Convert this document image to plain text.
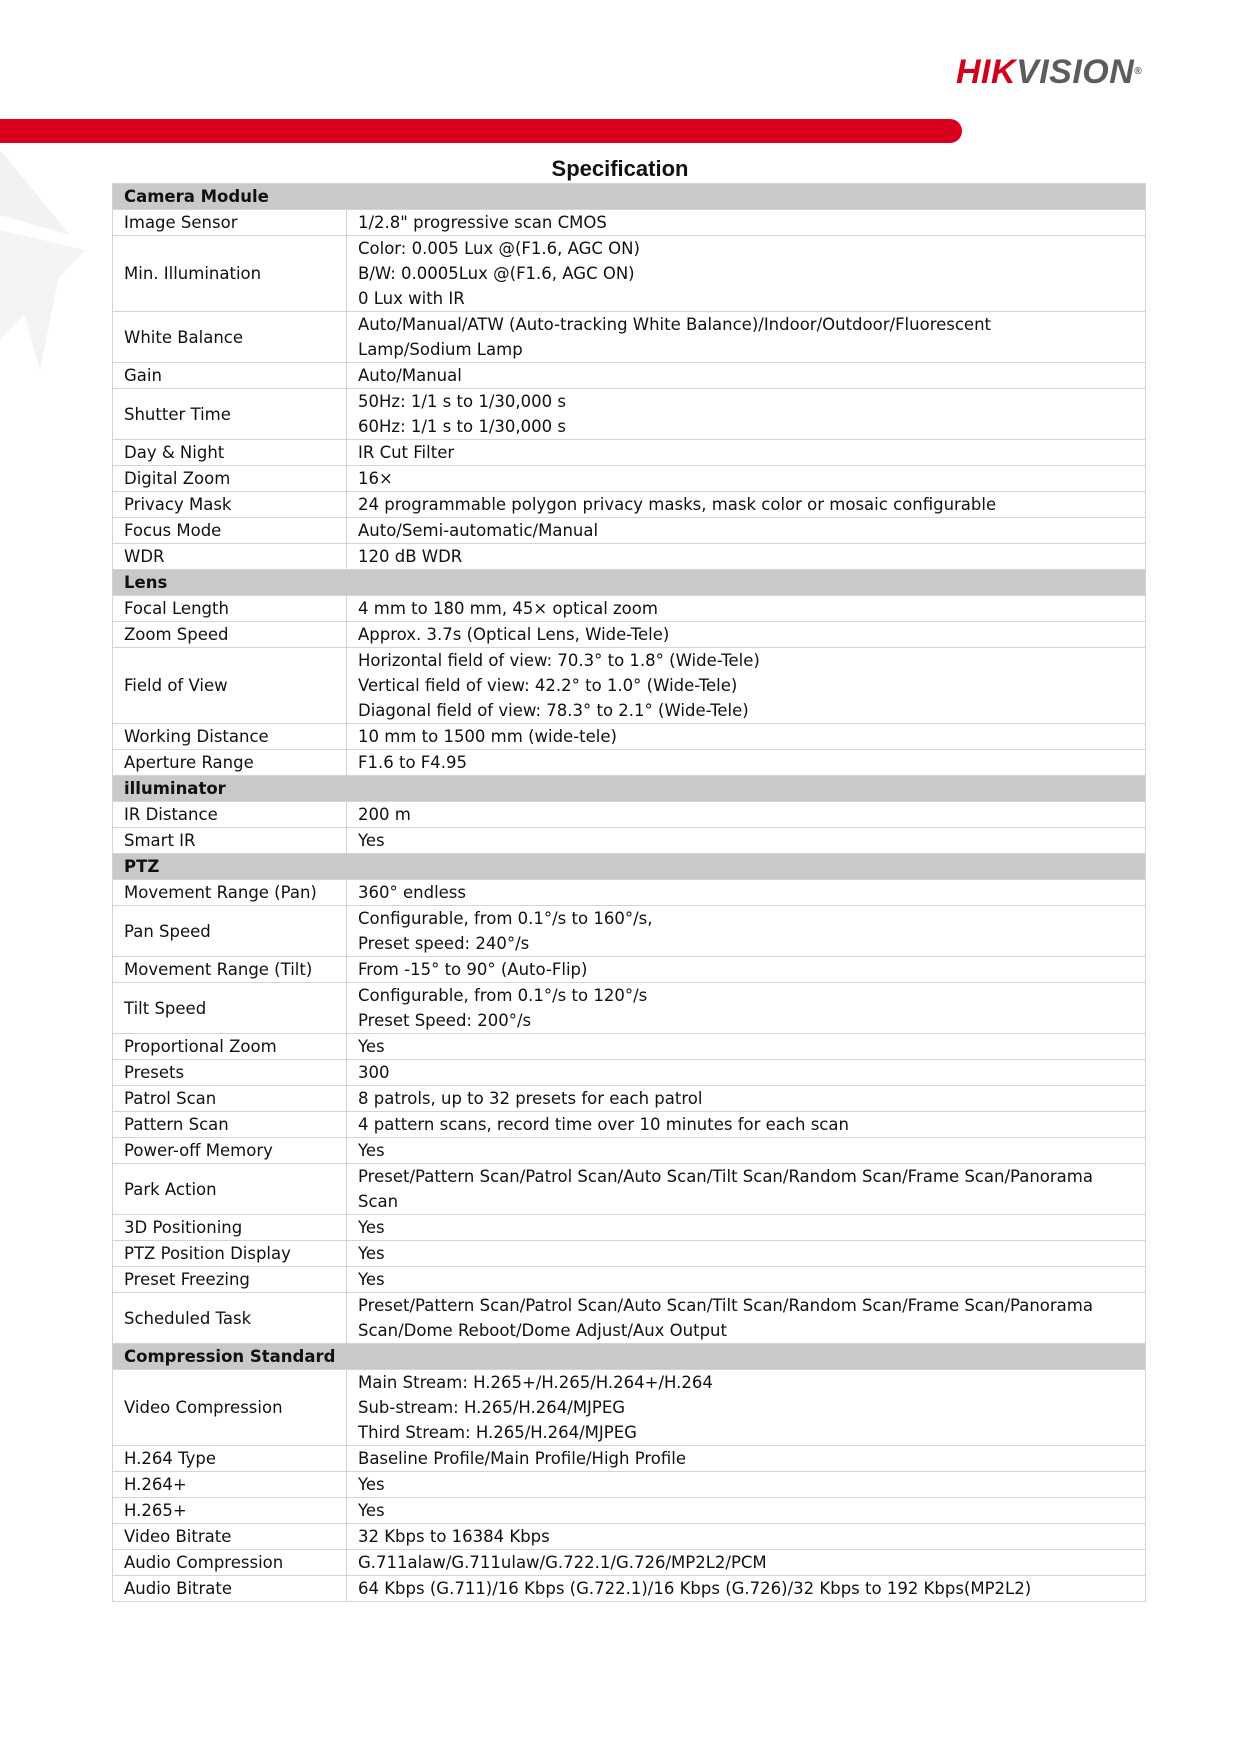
HIKVISION®
Specification
Camera Module	
Image Sensor	1/2.8" progressive scan CMOS

Min. Illumination	Color: 0.005 Lux @(F1.6, AGC ON)
B/W: 0.0005Lux @(F1.6, AGC ON)
0 Lux with IR

White Balance	Auto/Manual/ATW (Auto-tracking White Balance)/Indoor/Outdoor/Fluorescent
Lamp/Sodium Lamp

Gain	Auto/Manual

Shutter Time	50Hz: 1/1 s to 1/30,000 s
60Hz: 1/1 s to 1/30,000 s

Day & Night	IR Cut Filter

Digital Zoom	16×

Privacy Mask	24 programmable polygon privacy masks, mask color or mosaic configurable

Focus Mode	Auto/Semi-automatic/Manual

WDR	120 dB WDR

Lens	
Focal Length	4 mm to 180 mm, 45× optical zoom

Zoom Speed	Approx. 3.7s (Optical Lens, Wide-Tele)

Field of View	Horizontal field of view: 70.3° to 1.8° (Wide-Tele)
Vertical field of view: 42.2° to 1.0° (Wide-Tele)
Diagonal field of view: 78.3° to 2.1° (Wide-Tele)

Working Distance	10 mm to 1500 mm (wide-tele)

Aperture Range	F1.6 to F4.95

illuminator	
IR Distance	200 m

Smart IR	Yes

PTZ	
Movement Range (Pan)	360° endless

Pan Speed	Configurable, from 0.1°/s to 160°/s,
Preset speed: 240°/s

Movement Range (Tilt)	From -15° to 90° (Auto-Flip)

Tilt Speed	Configurable, from 0.1°/s to 120°/s
Preset Speed: 200°/s

Proportional Zoom	Yes

Presets	300

Patrol Scan	8 patrols, up to 32 presets for each patrol

Pattern Scan	4 pattern scans, record time over 10 minutes for each scan

Power-off Memory	Yes

Park Action	Preset/Pattern Scan/Patrol Scan/Auto Scan/Tilt Scan/Random Scan/Frame Scan/Panorama
Scan

3D Positioning	Yes

PTZ Position Display	Yes

Preset Freezing	Yes

Scheduled Task	Preset/Pattern Scan/Patrol Scan/Auto Scan/Tilt Scan/Random Scan/Frame Scan/Panorama
Scan/Dome Reboot/Dome Adjust/Aux Output

Compression Standard	
Video Compression	Main Stream: H.265+/H.265/H.264+/H.264
Sub-stream: H.265/H.264/MJPEG
Third Stream: H.265/H.264/MJPEG

H.264 Type	Baseline Profile/Main Profile/High Profile

H.264+	Yes

H.265+	Yes

Video Bitrate	32 Kbps to 16384 Kbps

Audio Compression	G.711alaw/G.711ulaw/G.722.1/G.726/MP2L2/PCM

Audio Bitrate	64 Kbps (G.711)/16 Kbps (G.722.1)/16 Kbps (G.726)/32 Kbps to 192 Kbps(MP2L2)
